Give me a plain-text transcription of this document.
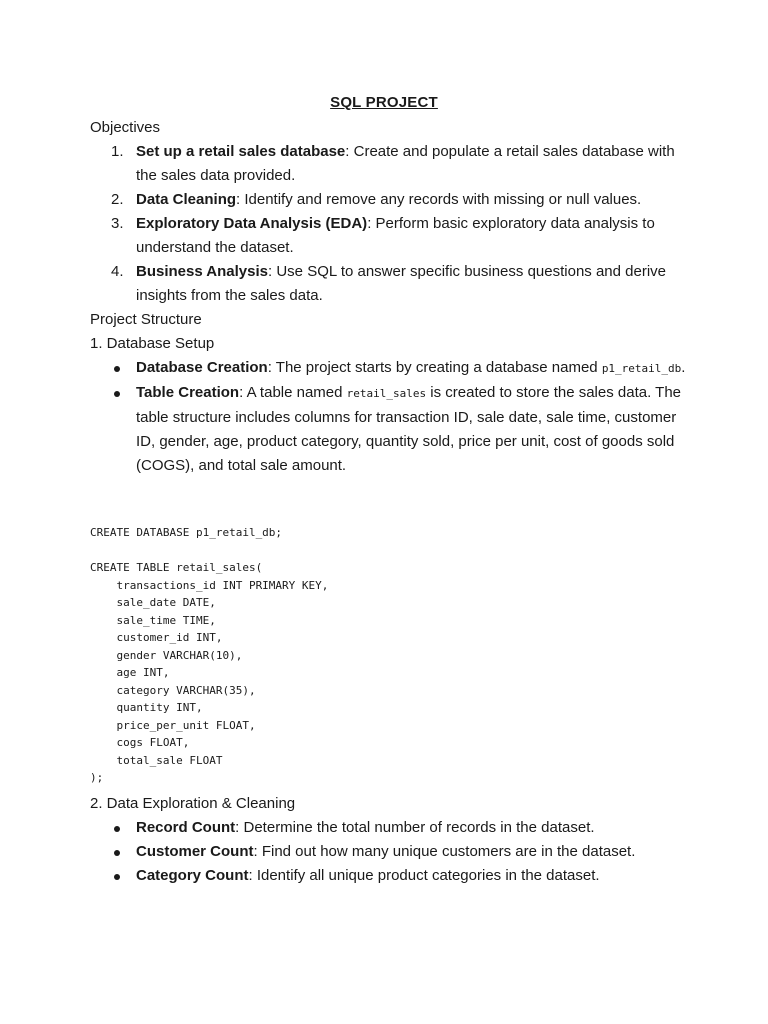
SQL PROJECT
Objectives
1. Set up a retail sales database: Create and populate a retail sales database with the sales data provided.
2. Data Cleaning: Identify and remove any records with missing or null values.
3. Exploratory Data Analysis (EDA): Perform basic exploratory data analysis to understand the dataset.
4. Business Analysis: Use SQL to answer specific business questions and derive insights from the sales data.
Project Structure
1. Database Setup
Database Creation: The project starts by creating a database named p1_retail_db.
Table Creation: A table named retail_sales is created to store the sales data. The table structure includes columns for transaction ID, sale date, sale time, customer ID, gender, age, product category, quantity sold, price per unit, cost of goods sold (COGS), and total sale amount.
CREATE DATABASE p1_retail_db;

CREATE TABLE retail_sales(
transactions_id INT PRIMARY KEY,
sale_date DATE,
sale_time TIME,
customer_id INT,
gender VARCHAR(10),
age INT,
category VARCHAR(35),
quantity INT,
price_per_unit FLOAT,
cogs FLOAT,
total_sale FLOAT
);
2. Data Exploration & Cleaning
Record Count: Determine the total number of records in the dataset.
Customer Count: Find out how many unique customers are in the dataset.
Category Count: Identify all unique product categories in the dataset.
